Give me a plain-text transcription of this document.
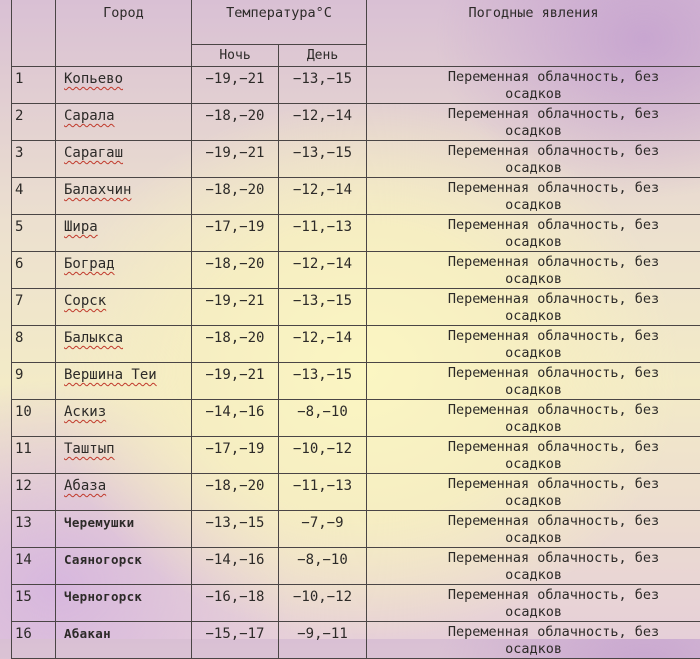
	Город	Температура°С		Погодные явления

		Ночь	День	
1	Копьево	−19,−21	−13,−15	Переменная облачность, без
осадков

2	Сарала	−18,−20	−12,−14	Переменная облачность, без
осадков

3	Сарагаш	−19,−21	−13,−15	Переменная облачность, без
осадков

4	Балахчин	−18,−20	−12,−14	Переменная облачность, без
осадков

5	Шира	−17,−19	−11,−13	Переменная облачность, без
осадков

6	Боград	−18,−20	−12,−14	Переменная облачность, без
осадков

7	Сорск	−19,−21	−13,−15	Переменная облачность, без
осадков

8	Балыкса	−18,−20	−12,−14	Переменная облачность, без
осадков

9	Вершина Теи	−19,−21	−13,−15	Переменная облачность, без
осадков

10	Аскиз	−14,−16	−8,−10	Переменная облачность, без
осадков

11	Таштып	−17,−19	−10,−12	Переменная облачность, без
осадков

12	Абаза	−18,−20	−11,−13	Переменная облачность, без
осадков

13	Черемушки	−13,−15	−7,−9	Переменная облачность, без
осадков

14	Саяногорск	−14,−16	−8,−10	Переменная облачность, без
осадков

15	Черногорск	−16,−18	−10,−12	Переменная облачность, без
осадков

16	Абакан	−15,−17	−9,−11	Переменная облачность, без
осадков
